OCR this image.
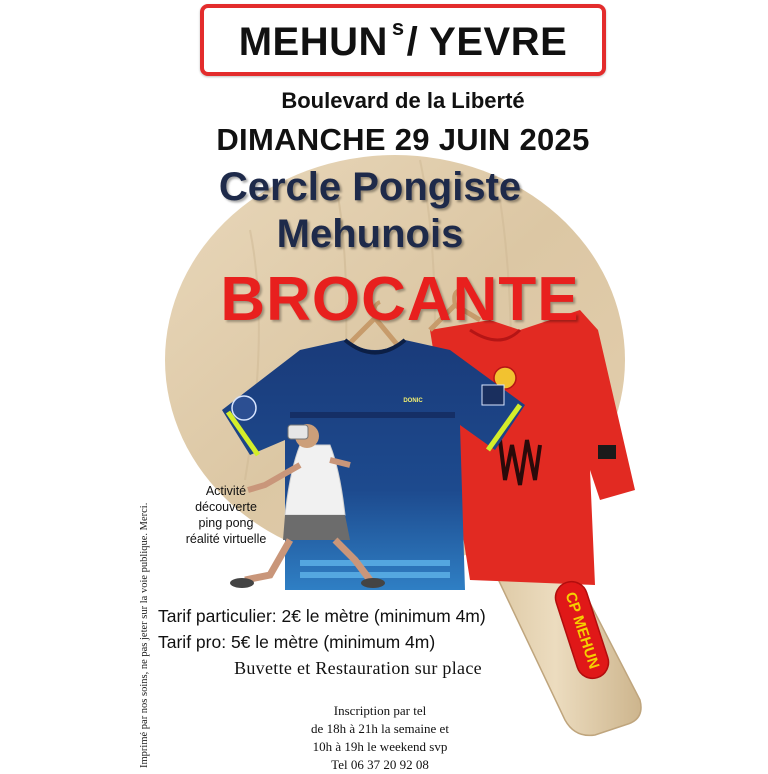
DONIC
CP MEHUN
MEHUN $^s$/ YEVRE
Boulevard de la Liberté
DIMANCHE 29 JUIN 2025
Cercle Pongiste
Mehunois
BROCANTE
Activité
découverte
ping pong
réalité virtuelle
Tarif particulier: 2€ le mètre (minimum 4m)
Tarif pro: 5€ le mètre (minimum 4m)
Buvette et Restauration sur place
Inscription par tel
de 18h à 21h la semaine et
10h à 19h le weekend svp
Tel 06 37 20 92 08
Imprimé par nos soins, ne pas jeter sur la voie publique. Merci.
